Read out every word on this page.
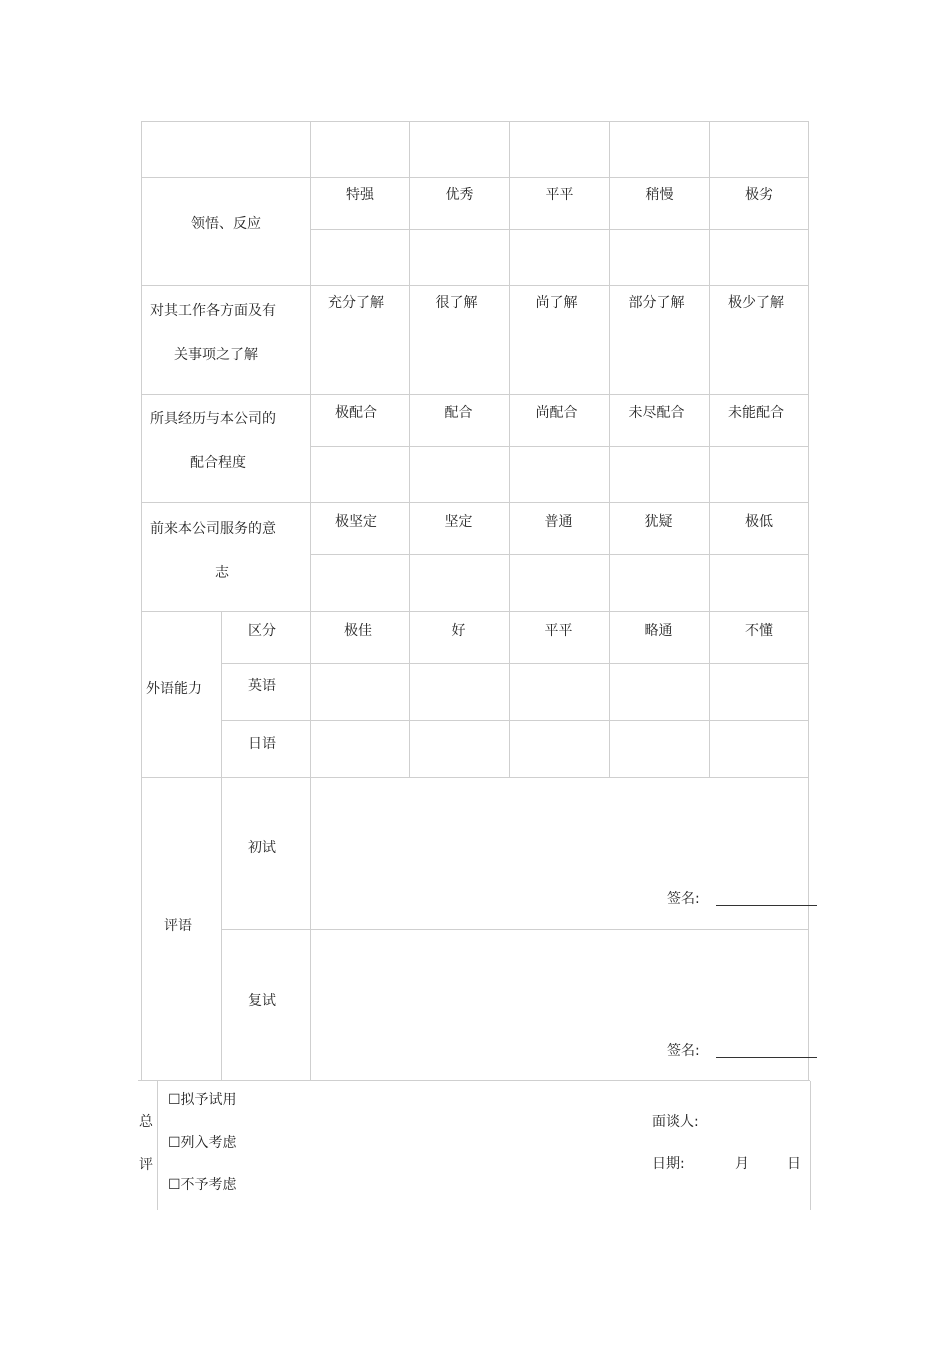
领悟、反应
特强	优秀	平平	稍慢	极劣
对其工作各方面及有
关事项之了解
充分了解	很了解	尚了解	部分了解	极少了解
所具经历与本公司的
配合程度
极配合	配合	尚配合	未尽配合	未能配合
前来本公司服务的意
志
极坚定	坚定	普通	犹疑	极低
外语能力
区分	极佳	好	平平	略通	不懂
英语
日语
评语
初试
签名:
复试
签名:
总
评
☐拟予试用
☐列入考虑
☐不予考虑
面谈人:
日期:	月	日
